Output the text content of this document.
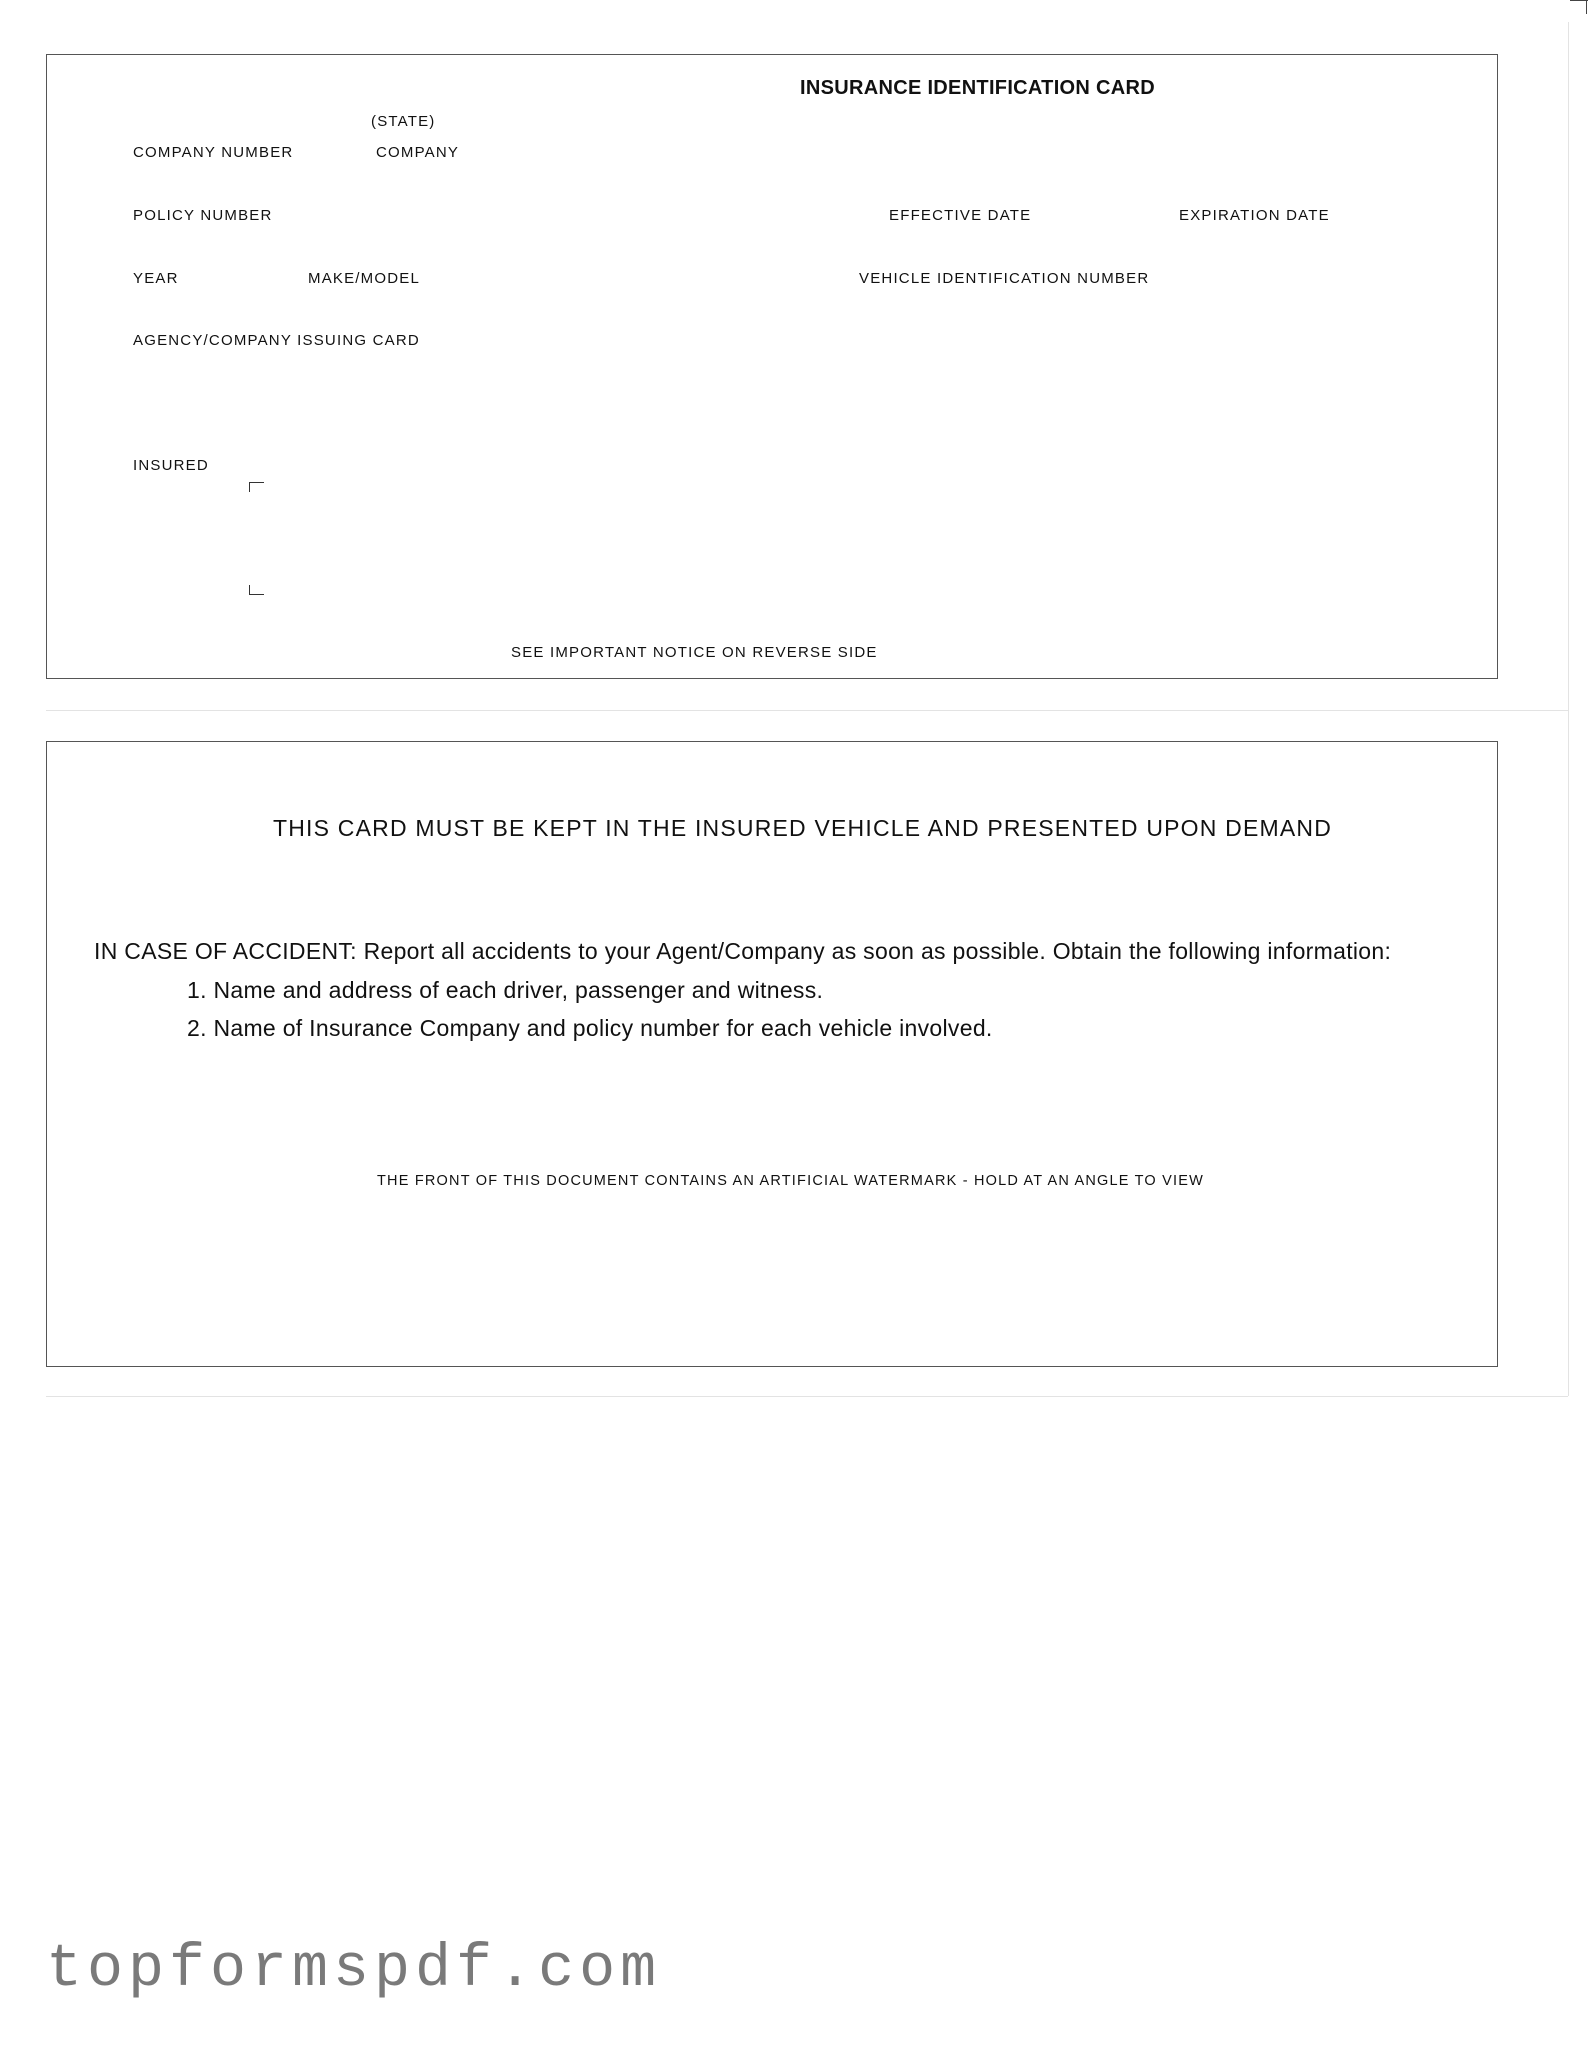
INSURANCE IDENTIFICATION CARD
(STATE)
COMPANY NUMBER	COMPANY
POLICY NUMBER	EFFECTIVE DATE	EXPIRATION DATE
YEAR	MAKE/MODEL	VEHICLE IDENTIFICATION NUMBER
AGENCY/COMPANY ISSUING CARD
INSURED
SEE IMPORTANT NOTICE ON REVERSE SIDE
THIS CARD MUST BE KEPT IN THE INSURED VEHICLE AND PRESENTED UPON DEMAND
IN CASE OF ACCIDENT: Report all accidents to your Agent/Company as soon as possible. Obtain the following information:
1. Name and address of each driver, passenger and witness.
2. Name of Insurance Company and policy number for each vehicle involved.
THE FRONT OF THIS DOCUMENT CONTAINS AN ARTIFICIAL WATERMARK - HOLD AT AN ANGLE TO VIEW
topformspdf.com
